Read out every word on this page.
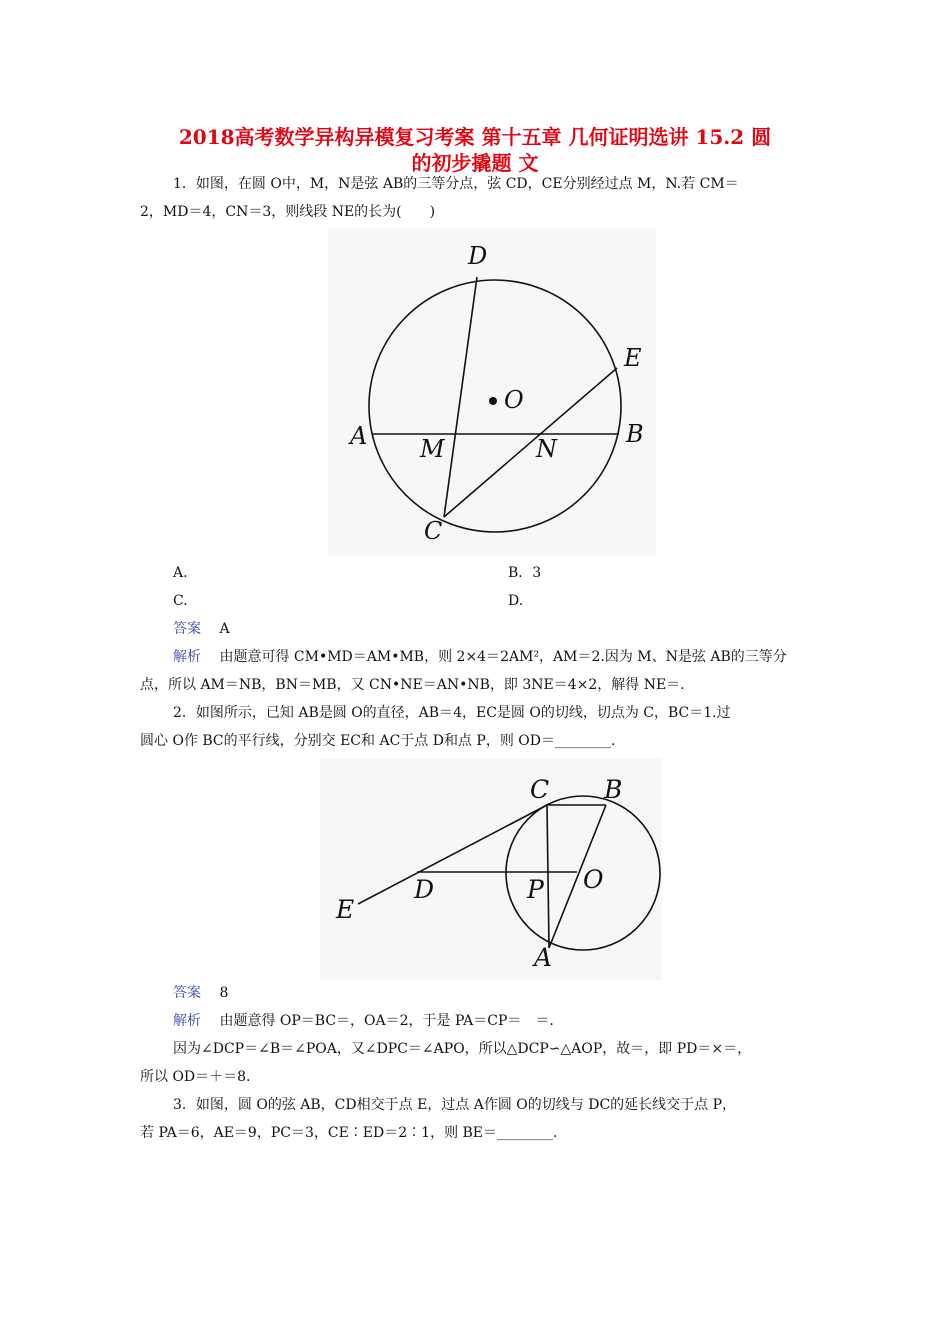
2018高考数学异构异模复习考案 第十五章 几何证明选讲 15.2 圆
的初步撬题 文
1．如图，在圆 O中，M，N是弦 AB的三等分点，弦 CD，CE分别经过点 M，N.若 CM＝
2，MD＝4，CN＝3，则线段 NE的长为(　　)
D
E
O
A	B
M	N
C
A.	B．3
C.	D.
答案　 A
解析　 由题意可得 CM•MD＝AM•MB，则 2×4＝2AM²，AM＝2.因为 M、N是弦 AB的三等分
点，所以 AM＝NB，BN＝MB，又 CN•NE＝AN•NB，即 3NE＝4×2，解得 NE＝.
2．如图所示，已知 AB是圆 O的直径，AB＝4，EC是圆 O的切线，切点为 C，BC＝1.过
圆心 O作 BC的平行线，分别交 EC和 AC于点 D和点 P，则 OD＝________.
C B
E
D	P O
A
答案　 8
解析　 由题意得 OP＝BC＝，OA＝2，于是 PA＝CP＝　＝.
因为∠DCP＝∠B＝∠POA，又∠DPC＝∠APO，所以△DCP∽△AOP，故＝，即 PD＝×＝，
所以 OD＝＋＝8.
3．如图，圆 O的弦 AB，CD相交于点 E，过点 A作圆 O的切线与 DC的延长线交于点 P，
若 PA＝6，AE＝9，PC＝3，CE∶ED＝2∶1，则 BE＝________.
